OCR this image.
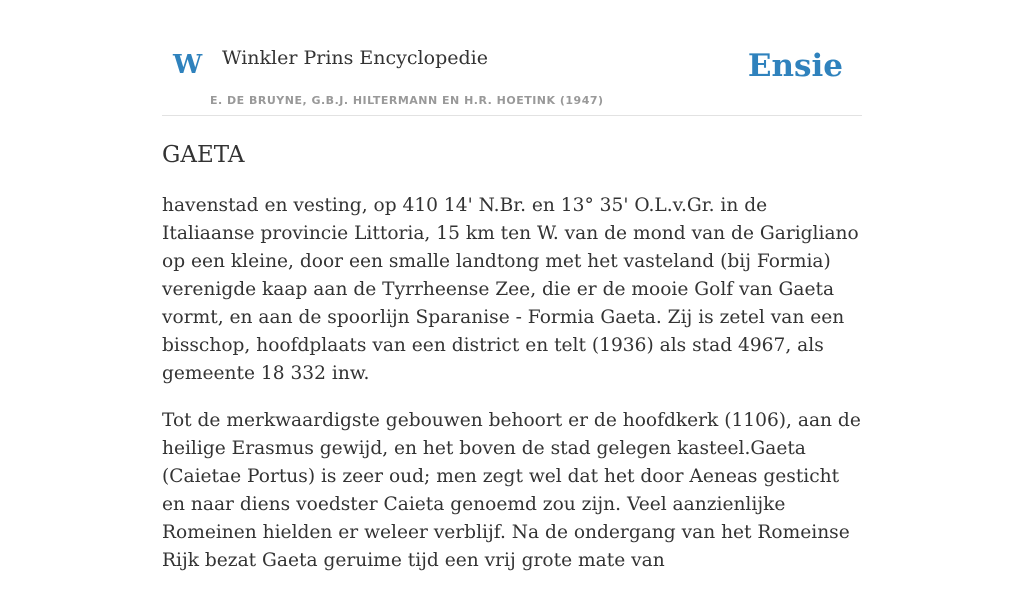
W Winkler Prins Encyclopedie
E. DE BRUYNE, G.B.J. HILTERMANN EN H.R. HOETINK (1947)
Ensie
GAETA

havenstad en vesting, op 410 14' N.Br. en 13° 35' O.L.v.Gr. in de Italiaanse provincie Littoria, 15 km ten W. van de mond van de Garigliano op een kleine, door een smalle landtong met het vasteland (bij Formia) verenigde kaap aan de Tyrrheense Zee, die er de mooie Golf van Gaeta vormt, en aan de spoorlijn Sparanise - Formia Gaeta. Zij is zetel van een bisschop, hoofdplaats van een district en telt (1936) als stad 4967, als gemeente 18 332 inw.

Tot de merkwaardigste gebouwen behoort er de hoofdkerk (1106), aan de heilige Erasmus gewijd, en het boven de stad gelegen kasteel.Gaeta (Caietae Portus) is zeer oud; men zegt wel dat het door Aeneas gesticht en naar diens voedster Caieta genoemd zou zijn. Veel aanzienlijke Romeinen hielden er weleer verblijf. Na de ondergang van het Romeinse Rijk bezat Gaeta geruime tijd een vrij grote mate van
